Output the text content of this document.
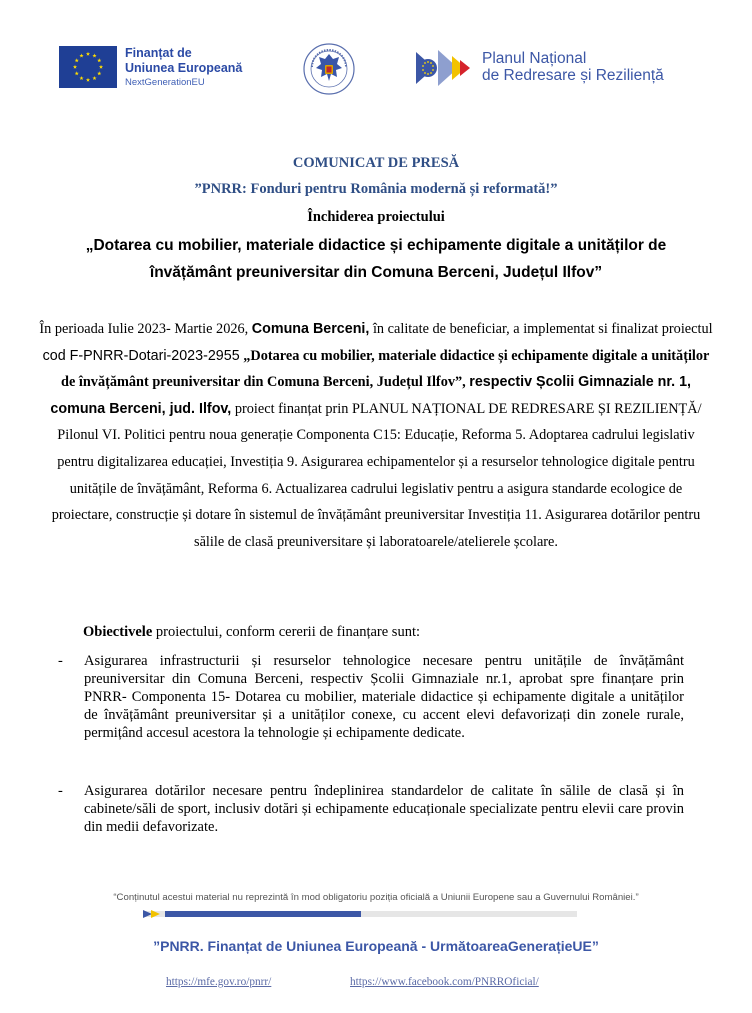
Finanțat de
Uniunea Europeană
NextGenerationEU
Planul Național
de Redresare și Reziliență
COMUNICAT DE PRESĂ
”PNRR: Fonduri pentru România modernă și reformată!”
Închiderea proiectului
„Dotarea cu mobilier, materiale didactice și echipamente digitale a unităților de
învățământ preuniversitar din Comuna Berceni, Județul Ilfov”
În perioada Iulie 2023- Martie 2026, Comuna Berceni, în calitate de beneficiar, a implementat si finalizat proiectul cod F-PNRR-Dotari-2023-2955 „Dotarea cu mobilier, materiale didactice și echipamente digitale a unităților de învățământ preuniversitar din Comuna Berceni, Județul Ilfov”, respectiv Școlii Gimnaziale nr. 1, comuna Berceni, jud. Ilfov, proiect finanțat prin PLANUL NAȚIONAL DE REDRESARE ȘI REZILIENȚĂ/ Pilonul VI. Politici pentru noua generație Componenta C15: Educație, Reforma 5. Adoptarea cadrului legislativ pentru digitalizarea educației, Investiția 9. Asigurarea echipamentelor și a resurselor tehnologice digitale pentru unitățile de învățământ, Reforma 6. Actualizarea cadrului legislativ pentru a asigura standarde ecologice de proiectare, construcție și dotare în sistemul de învățământ preuniversitar Investiția 11. Asigurarea dotărilor pentru sălile de clasă preuniversitare și laboratoarele/atelierele școlare.
Obiectivele proiectului, conform cererii de finanțare sunt:
- Asigurarea infrastructurii și resurselor tehnologice necesare pentru unitățile de învățământ preuniversitar din Comuna Berceni, respectiv Școlii Gimnaziale nr.1, aprobat spre finanțare prin PNRR- Componenta 15- Dotarea cu mobilier, materiale didactice și echipamente digitale a unităților de învățământ preuniversitar și a unităților conexe, cu accent elevi defavorizați din zonele rurale, permițând accesul acestora la tehnologie și echipamente dedicate.
- Asigurarea dotărilor necesare pentru îndeplinirea standardelor de calitate în sălile de clasă și în cabinete/săli de sport, inclusiv dotări și echipamente educaționale specializate pentru elevii care provin din medii defavorizate.
“Conținutul acestui material nu reprezintă în mod obligatoriu poziția oficială a Uniunii Europene sau a Guvernului României.”
”PNRR. Finanțat de Uniunea Europeană - UrmătoareaGenerațieUE”
https://mfe.gov.ro/pnrr/	https://www.facebook.com/PNRROficial/
